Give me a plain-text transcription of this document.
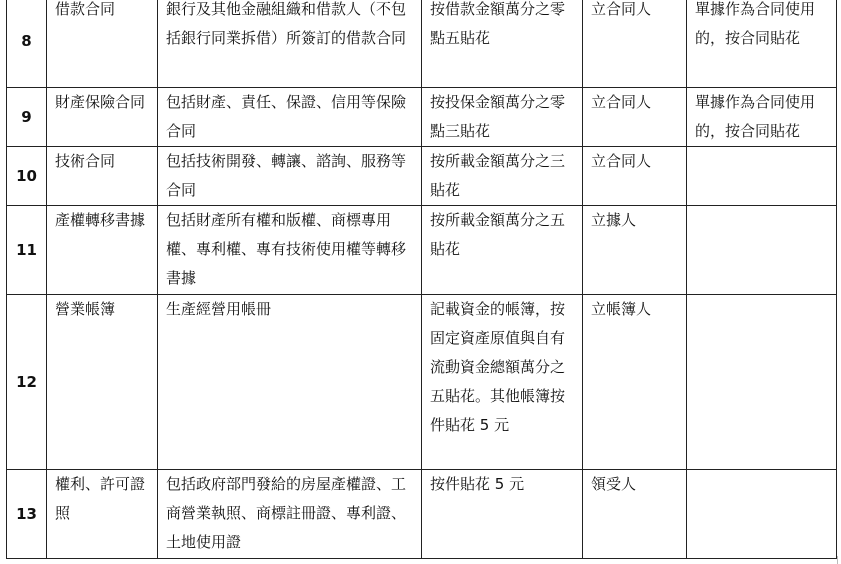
8	借款合同	銀行及其他金融組織和借款人（不包括銀行同業拆借）所簽訂的借款合同	按借款金額萬分之零點五貼花	立合同人	單據作為合同使用的，按合同貼花
9	財產保險合同	包括財產、責任、保證、信用等保險合同	按投保金額萬分之零點三貼花	立合同人	單據作為合同使用的，按合同貼花
10	技術合同	包括技術開發、轉讓、諮詢、服務等合同	按所載金額萬分之三貼花	立合同人	
11	產權轉移書據	包括財產所有權和版權、商標專用權、專利權、專有技術使用權等轉移書據	按所載金額萬分之五貼花	立據人	
12	營業帳簿	生產經營用帳冊	記載資金的帳簿，按固定資產原值與自有流動資金總額萬分之五貼花。其他帳簿按件貼花 5 元	立帳簿人	
13	權利、許可證照	包括政府部門發給的房屋產權證、工商營業執照、商標註冊證、專利證、土地使用證	按件貼花 5 元	領受人	
